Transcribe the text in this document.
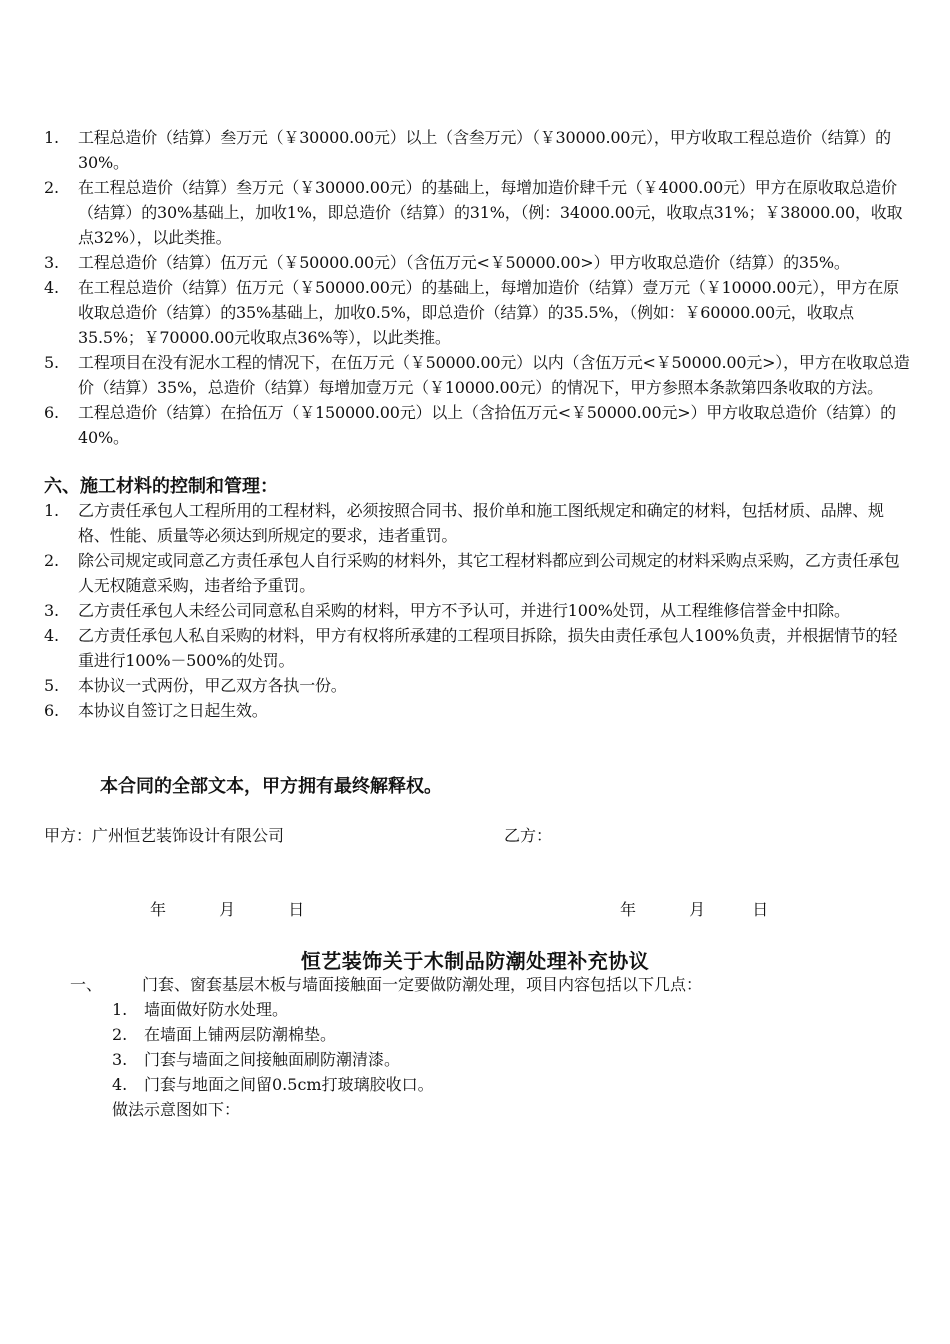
1. 工程总造价（结算）叁万元（￥30000.00元）以上（含叁万元）（￥30000.00元），甲方收取工程总造价（结算）的30%。
2. 在工程总造价（结算）叁万元（￥30000.00元）的基础上，每增加造价肆千元（￥4000.00元）甲方在原收取总造价（结算）的30%基础上，加收1%，即总造价（结算）的31%，（例：34000.00元，收取点31%；￥38000.00，收取点32%），以此类推。
3. 工程总造价（结算）伍万元（￥50000.00元）（含伍万元<￥50000.00>）甲方收取总造价（结算）的35%。
4. 在工程总造价（结算）伍万元（￥50000.00元）的基础上，每增加造价（结算）壹万元（￥10000.00元），甲方在原收取总造价（结算）的35%基础上，加收0.5%，即总造价（结算）的35.5%，（例如：￥60000.00元，收取点35.5%；￥70000.00元收取点36%等），以此类推。
5. 工程项目在没有泥水工程的情况下，在伍万元（￥50000.00元）以内（含伍万元<￥50000.00元>），甲方在收取总造价（结算）35%，总造价（结算）每增加壹万元（￥10000.00元）的情况下，甲方参照本条款第四条收取的方法。
6. 工程总造价（结算）在拾伍万（￥150000.00元）以上（含拾伍万元<￥50000.00元>）甲方收取总造价（结算）的40%。
六、施工材料的控制和管理：
1. 乙方责任承包人工程所用的工程材料，必须按照合同书、报价单和施工图纸规定和确定的材料，包括材质、品牌、规格、性能、质量等必须达到所规定的要求，违者重罚。
2. 除公司规定或同意乙方责任承包人自行采购的材料外，其它工程材料都应到公司规定的材料采购点采购，乙方责任承包人无权随意采购，违者给予重罚。
3. 乙方责任承包人未经公司同意私自采购的材料，甲方不予认可，并进行100%处罚，从工程维修信誉金中扣除。
4. 乙方责任承包人私自采购的材料，甲方有权将所承建的工程项目拆除，损失由责任承包人100%负责，并根据情节的轻重进行100%－500%的处罚。
5. 本协议一式两份，甲乙双方各执一份。
6. 本协议自签订之日起生效。
本合同的全部文本，甲方拥有最终解释权。
甲方：广州恒艺装饰设计有限公司	乙方：
年	月	日	年	月	日
恒艺装饰关于木制品防潮处理补充协议
一、 门套、窗套基层木板与墙面接触面一定要做防潮处理，项目内容包括以下几点：
1. 墙面做好防水处理。
2. 在墙面上铺两层防潮棉垫。
3. 门套与墙面之间接触面刷防潮清漆。
4. 门套与地面之间留0.5cm打玻璃胶收口。
做法示意图如下：
